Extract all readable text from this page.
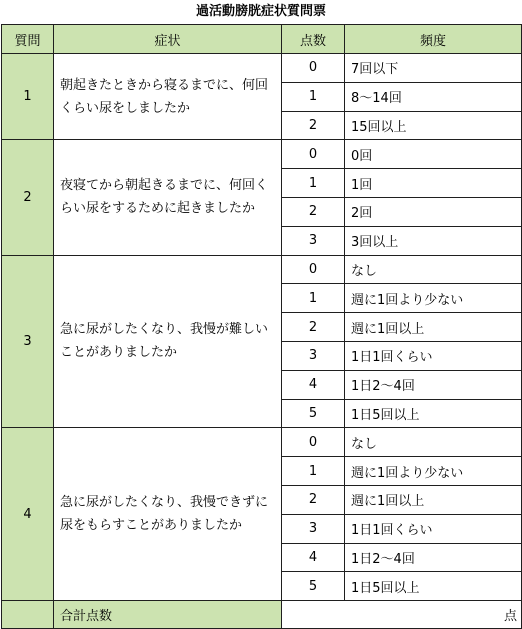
過活動膀胱症状質問票
質問	症状	点数	頻度
1	朝起きたときから寝るまでに、何回くらい尿をしましたか	0	7回以下
		1	8〜14回
		2	15回以上
2	夜寝てから朝起きるまでに、何回くらい尿をするために起きましたか	0	0回
		1	1回
		2	2回
		3	3回以上
3	急に尿がしたくなり、我慢が難しいことがありましたか	0	なし
		1	週に1回より少ない
		2	週に1回以上
		3	1日1回くらい
		4	1日2〜4回
		5	1日5回以上
4	急に尿がしたくなり、我慢できずに尿をもらすことがありましたか	0	なし
		1	週に1回より少ない
		2	週に1回以上
		3	1日1回くらい
		4	1日2〜4回
		5	1日5回以上
	合計点数	点	
